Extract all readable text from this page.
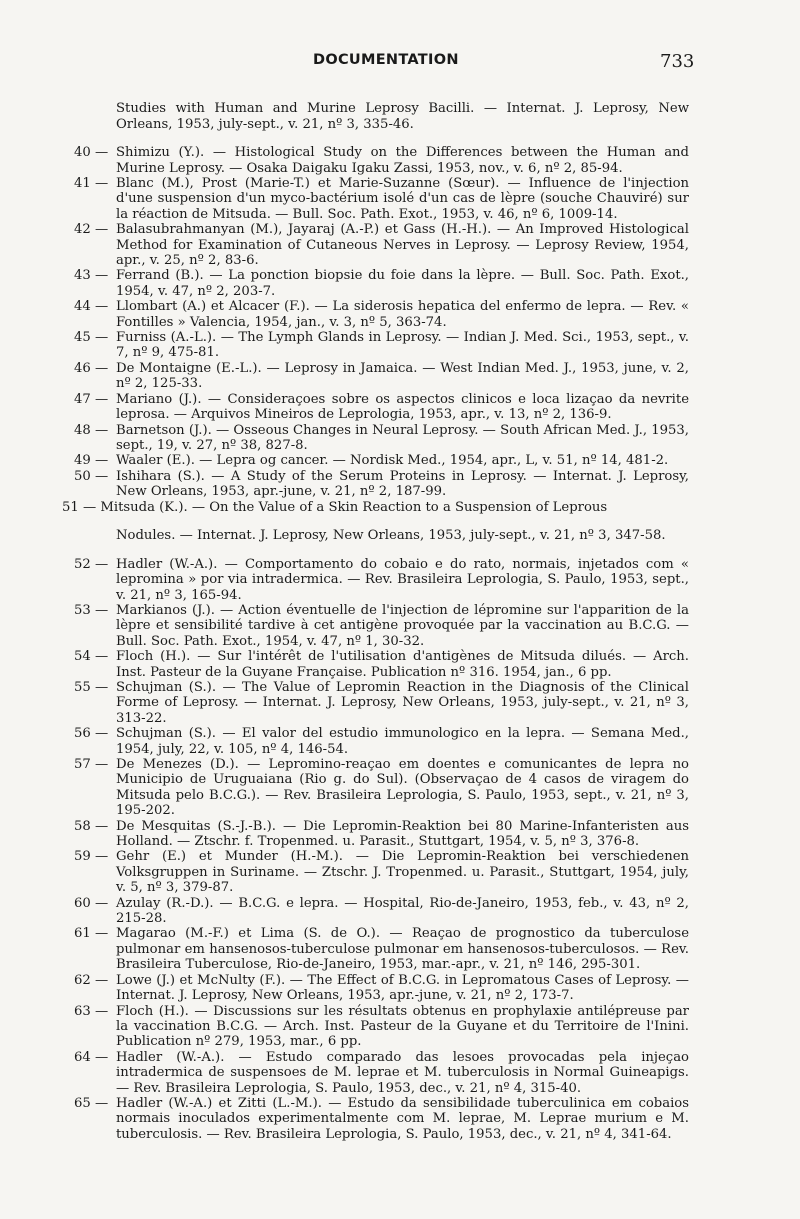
DOCUMENTATION	733

Studies with Human and Murine Leprosy Bacilli. — Internat. J. Leprosy, New Orleans, 1953, july-sept., v. 21, nº 3, 335-46.

40 — Shimizu (Y.). — Histological Study on the Differences between the Human and Murine Leprosy. — Osaka Daigaku Igaku Zassi, 1953, nov., v. 6, nº 2, 85-94.

41 — Blanc (M.), Prost (Marie-T.) et Marie-Suzanne (Sœur). — Influence de l'injection d'une suspension d'un myco-bactérium isolé d'un cas de lèpre (souche Chauviré) sur la réaction de Mitsuda. — Bull. Soc. Path. Exot., 1953, v. 46, nº 6, 1009-14.

42 — Balasubrahmanyan (M.), Jayaraj (A.-P.) et Gass (H.-H.). — An Improved Histological Method for Examination of Cutaneous Nerves in Leprosy. — Leprosy Review, 1954, apr., v. 25, nº 2, 83-6.

43 — Ferrand (B.). — La ponction biopsie du foie dans la lèpre. — Bull. Soc. Path. Exot., 1954, v. 47, nº 2, 203-7.

44 — Llombart (A.) et Alcacer (F.). — La siderosis hepatica del enfermo de lepra. — Rev. « Fontilles » Valencia, 1954, jan., v. 3, nº 5, 363-74.

45 — Furniss (A.-L.). — The Lymph Glands in Leprosy. — Indian J. Med. Sci., 1953, sept., v. 7, nº 9, 475-81.

46 — De Montaigne (E.-L.). — Leprosy in Jamaica. — West Indian Med. J., 1953, june, v. 2, nº 2, 125-33.

47 — Mariano (J.). — Consideraçoes sobre os aspectos clinicos e loca lizaçao da nevrite leprosa. — Arquivos Mineiros de Leprologia, 1953, apr., v. 13, nº 2, 136-9.

48 — Barnetson (J.). — Osseous Changes in Neural Leprosy. — South African Med. J., 1953, sept., 19, v. 27, nº 38, 827-8.

49 — Waaler (E.). — Lepra og cancer. — Nordisk Med., 1954, apr., L, v. 51, nº 14, 481-2.

50 — Ishihara (S.). — A Study of the Serum Proteins in Leprosy. — Internat. J. Leprosy, New Orleans, 1953, apr.-june, v. 21, nº 2, 187-99.

51 — Mitsuda (K.). — On the Value of a Skin Reaction to a Suspension of Leprous

Nodules. — Internat. J. Leprosy, New Orleans, 1953, july-sept., v. 21, nº 3, 347-58.

52 — Hadler (W.-A.). — Comportamento do cobaio e do rato, normais, injetados com « lepromina » por via intradermica. — Rev. Brasileira Leprologia, S. Paulo, 1953, sept., v. 21, nº 3, 165-94.

53 — Markianos (J.). — Action éventuelle de l'injection de lépromine sur l'apparition de la lèpre et sensibilité tardive à cet antigène provoquée par la vaccination au B.C.G. — Bull. Soc. Path. Exot., 1954, v. 47, nº 1, 30-32.

54 — Floch (H.). — Sur l'intérêt de l'utilisation d'antigènes de Mitsuda dilués. — Arch. Inst. Pasteur de la Guyane Française. Publication nº 316. 1954, jan., 6 pp.

55 — Schujman (S.). — The Value of Lepromin Reaction in the Diagnosis of the Clinical Forme of Leprosy. — Internat. J. Leprosy, New Orleans, 1953, july-sept., v. 21, nº 3, 313-22.

56 — Schujman (S.). — El valor del estudio immunologico en la lepra. — Semana Med., 1954, july, 22, v. 105, nº 4, 146-54.

57 — De Menezes (D.). — Lepromino-reaçao em doentes e comunicantes de lepra no Municipio de Uruguaiana (Rio g. do Sul). (Observaçao de 4 casos de viragem do Mitsuda pelo B.C.G.). — Rev. Brasileira Leprologia, S. Paulo, 1953, sept., v. 21, nº 3, 195-202.

58 — De Mesquitas (S.-J.-B.). — Die Lepromin-Reaktion bei 80 Marine-Infanteristen aus Holland. — Ztschr. f. Tropenmed. u. Parasit., Stuttgart, 1954, v. 5, nº 3, 376-8.

59 — Gehr (E.) et Munder (H.-M.). — Die Lepromin-Reaktion bei verschiedenen Volksgruppen in Suriname. — Ztschr. J. Tropenmed. u. Parasit., Stuttgart, 1954, july, v. 5, nº 3, 379-87.

60 — Azulay (R.-D.). — B.C.G. e lepra. — Hospital, Rio-de-Janeiro, 1953, feb., v. 43, nº 2, 215-28.

61 — Magarao (M.-F.) et Lima (S. de O.). — Reaçao de prognostico da tuberculose pulmonar em hansenosos-tuberculose pulmonar em hansenosos-tuberculosos. — Rev. Brasileira Tuberculose, Rio-de-Janeiro, 1953, mar.-apr., v. 21, nº 146, 295-301.

62 — Lowe (J.) et McNulty (F.). — The Effect of B.C.G. in Lepromatous Cases of Leprosy. — Internat. J. Leprosy, New Orleans, 1953, apr.-june, v. 21, nº 2, 173-7.

63 — Floch (H.). — Discussions sur les résultats obtenus en prophylaxie antilépreuse par la vaccination B.C.G. — Arch. Inst. Pasteur de la Guyane et du Territoire de l'Inini. Publication nº 279, 1953, mar., 6 pp.

64 — Hadler (W.-A.). — Estudo comparado das lesoes provocadas pela injeçao intradermica de suspensoes de M. leprae et M. tuberculosis in Normal Guineapigs. — Rev. Brasileira Leprologia, S. Paulo, 1953, dec., v. 21, nº 4, 315-40.

65 — Hadler (W.-A.) et Zitti (L.-M.). — Estudo da sensibilidade tuberculinica em cobaios normais inoculados experimentalmente com M. leprae, M. Leprae murium e M. tuberculosis. — Rev. Brasileira Leprologia, S. Paulo, 1953, dec., v. 21, nº 4, 341-64.
